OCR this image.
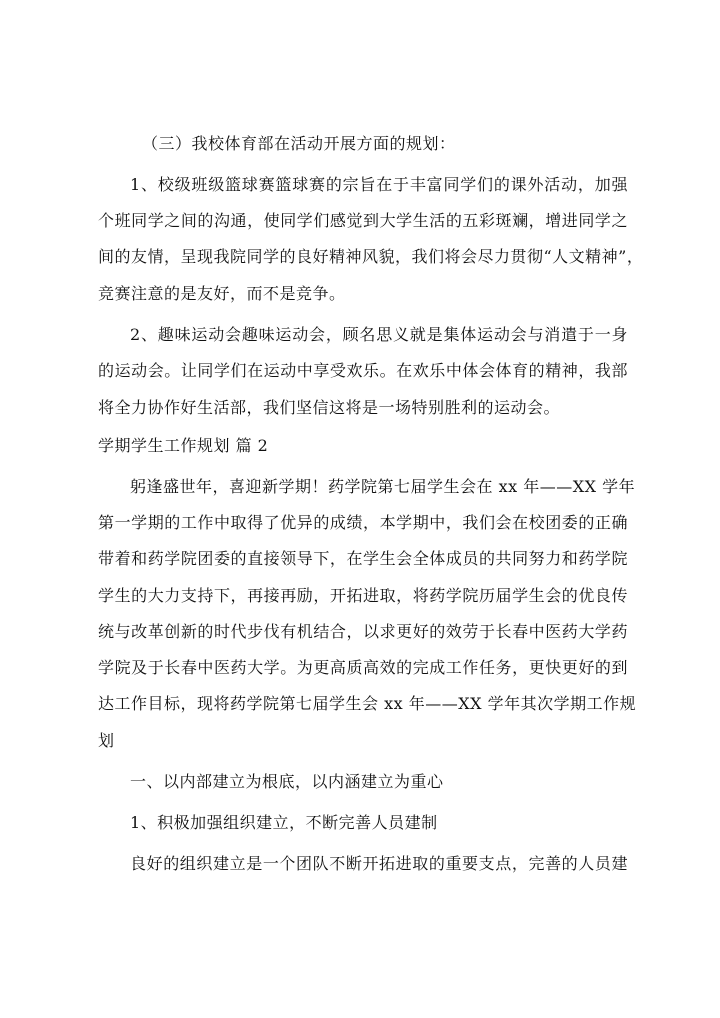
（三）我校体育部在活动开展方面的规划：
1、校级班级篮球赛篮球赛的宗旨在于丰富同学们的课外活动，加强
个班同学之间的沟通，使同学们感觉到大学生活的五彩斑斓，增进同学之
间的友情，呈现我院同学的良好精神风貌，我们将会尽力贯彻“人文精神”，
竞赛注意的是友好，而不是竞争。
2、趣味运动会趣味运动会，顾名思义就是集体运动会与消遣于一身
的运动会。让同学们在运动中享受欢乐。在欢乐中体会体育的精神，我部
将全力协作好生活部，我们坚信这将是一场特别胜利的运动会。
学期学生工作规划 篇 2
躬逢盛世年，喜迎新学期！药学院第七届学生会在 xx 年——XX 学年
第一学期的工作中取得了优异的成绩，本学期中，我们会在校团委的正确
带着和药学院团委的直接领导下，在学生会全体成员的共同努力和药学院
学生的大力支持下，再接再励，开拓进取，将药学院历届学生会的优良传
统与改革创新的时代步伐有机结合，以求更好的效劳于长春中医药大学药
学院及于长春中医药大学。为更高质高效的完成工作任务，更快更好的到
达工作目标，现将药学院第七届学生会 xx 年——XX 学年其次学期工作规
划
一、以内部建立为根底，以内涵建立为重心
1、积极加强组织建立，不断完善人员建制
良好的组织建立是一个团队不断开拓进取的重要支点，完善的人员建
